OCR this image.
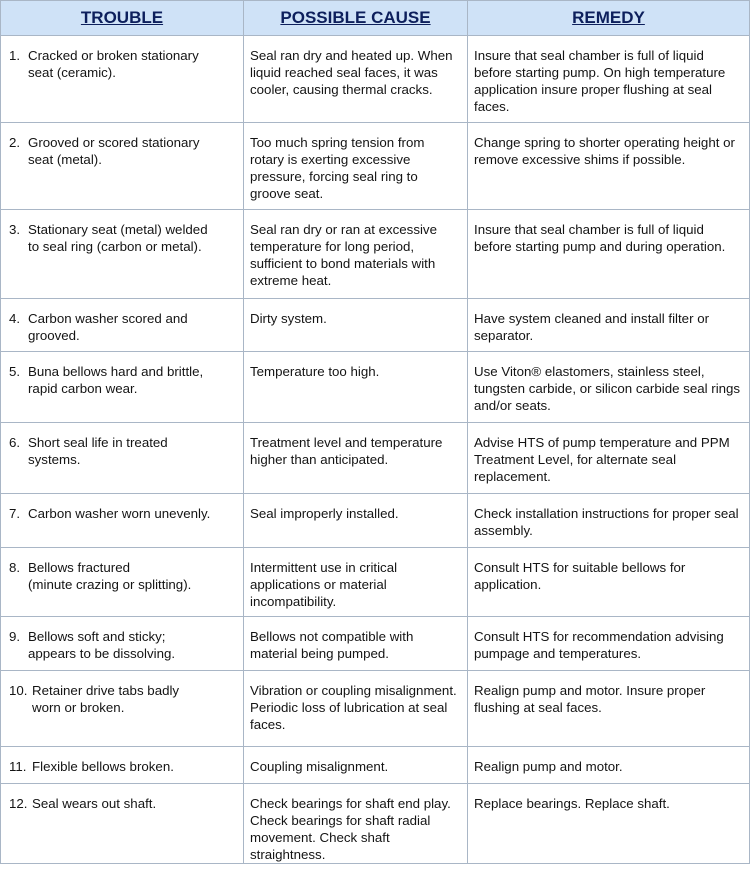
TROUBLE	POSSIBLE CAUSE	REMEDY
1. Cracked or broken stationary
seat (ceramic).	Seal ran dry and heated up. When liquid reached seal faces, it was cooler, causing thermal cracks.	Insure that seal chamber is full of liquid before starting pump. On high temperature application insure proper flushing at seal faces.
2. Grooved or scored stationary
seat (metal).	Too much spring tension from rotary is exerting excessive pressure, forcing seal ring to groove seat.	Change spring to shorter operating height or remove excessive shims if possible.
3. Stationary seat (metal) welded
to seal ring (carbon or metal).	Seal ran dry or ran at excessive temperature for long period, sufficient to bond materials with extreme heat.	Insure that seal chamber is full of liquid before starting pump and during operation.
4. Carbon washer scored and
grooved.	Dirty system.	Have system cleaned and install filter or separator.
5. Buna bellows hard and brittle,
rapid carbon wear.	Temperature too high.	Use Viton® elastomers, stainless steel, tungsten carbide, or silicon carbide seal rings and/or seats.
6. Short seal life in treated
systems.	Treatment level and temperature higher than anticipated.	Advise HTS of pump temperature and PPM Treatment Level, for alternate seal replacement.
7. Carbon washer worn unevenly.	Seal improperly installed.	Check installation instructions for proper seal assembly.
8. Bellows fractured
(minute crazing or splitting).	Intermittent use in critical applications or material incompatibility.	Consult HTS for suitable bellows for application.
9. Bellows soft and sticky;
appears to be dissolving.	Bellows not compatible with material being pumped.	Consult HTS for recommendation advising pumpage and temperatures.
10. Retainer drive tabs badly
worn or broken.	Vibration or coupling misalignment. Periodic loss of lubrication at seal faces.	Realign pump and motor. Insure proper flushing at seal faces.
11. Flexible bellows broken.	Coupling misalignment.	Realign pump and motor.
12. Seal wears out shaft.	Check bearings for shaft end play. Check bearings for shaft radial movement. Check shaft straightness.	Replace bearings. Replace shaft.
